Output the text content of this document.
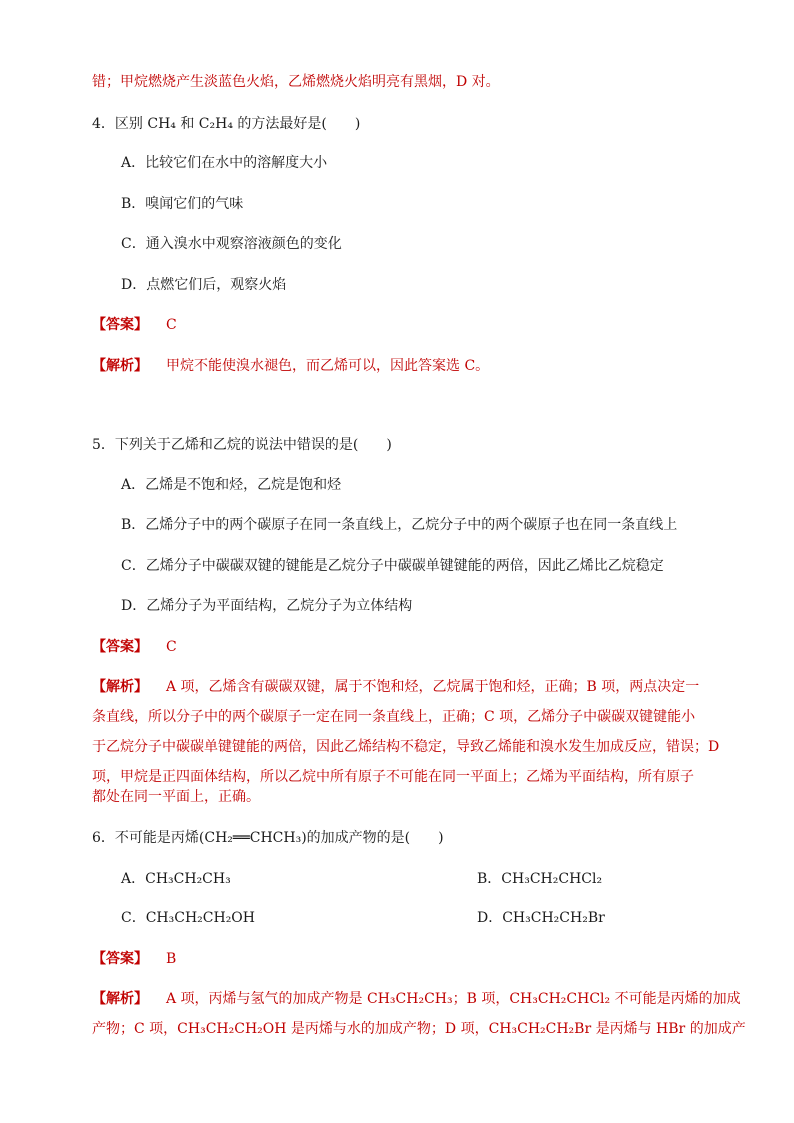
错；甲烷燃烧产生淡蓝色火焰，乙烯燃烧火焰明亮有黑烟，D 对。
4．区别 CH₄ 和 C₂H₄ 的方法最好是(　　)
A．比较它们在水中的溶解度大小
B．嗅闻它们的气味
C．通入溴水中观察溶液颜色的变化
D．点燃它们后，观察火焰
【答案】 C
【解析】 甲烷不能使溴水褪色，而乙烯可以，因此答案选 C。
5．下列关于乙烯和乙烷的说法中错误的是(　　)
A．乙烯是不饱和烃，乙烷是饱和烃
B．乙烯分子中的两个碳原子在同一条直线上，乙烷分子中的两个碳原子也在同一条直线上
C．乙烯分子中碳碳双键的键能是乙烷分子中碳碳单键键能的两倍，因此乙烯比乙烷稳定
D．乙烯分子为平面结构，乙烷分子为立体结构
【答案】 C
【解析】 A 项，乙烯含有碳碳双键，属于不饱和烃，乙烷属于饱和烃，正确；B 项，两点决定一
条直线，所以分子中的两个碳原子一定在同一条直线上，正确；C 项，乙烯分子中碳碳双键键能小
于乙烷分子中碳碳单键键能的两倍，因此乙烯结构不稳定，导致乙烯能和溴水发生加成反应，错误；D
项，甲烷是正四面体结构，所以乙烷中所有原子不可能在同一平面上；乙烯为平面结构，所有原子
都处在同一平面上，正确。
6．不可能是丙烯(CH₂══CHCH₃)的加成产物的是(　　)
A．CH₃CH₂CH₃	B．CH₃CH₂CHCl₂
C．CH₃CH₂CH₂OH	D．CH₃CH₂CH₂Br
【答案】 B
【解析】 A 项，丙烯与氢气的加成产物是 CH₃CH₂CH₃；B 项，CH₃CH₂CHCl₂ 不可能是丙烯的加成
产物；C 项，CH₃CH₂CH₂OH 是丙烯与水的加成产物；D 项，CH₃CH₂CH₂Br 是丙烯与 HBr 的加成产
